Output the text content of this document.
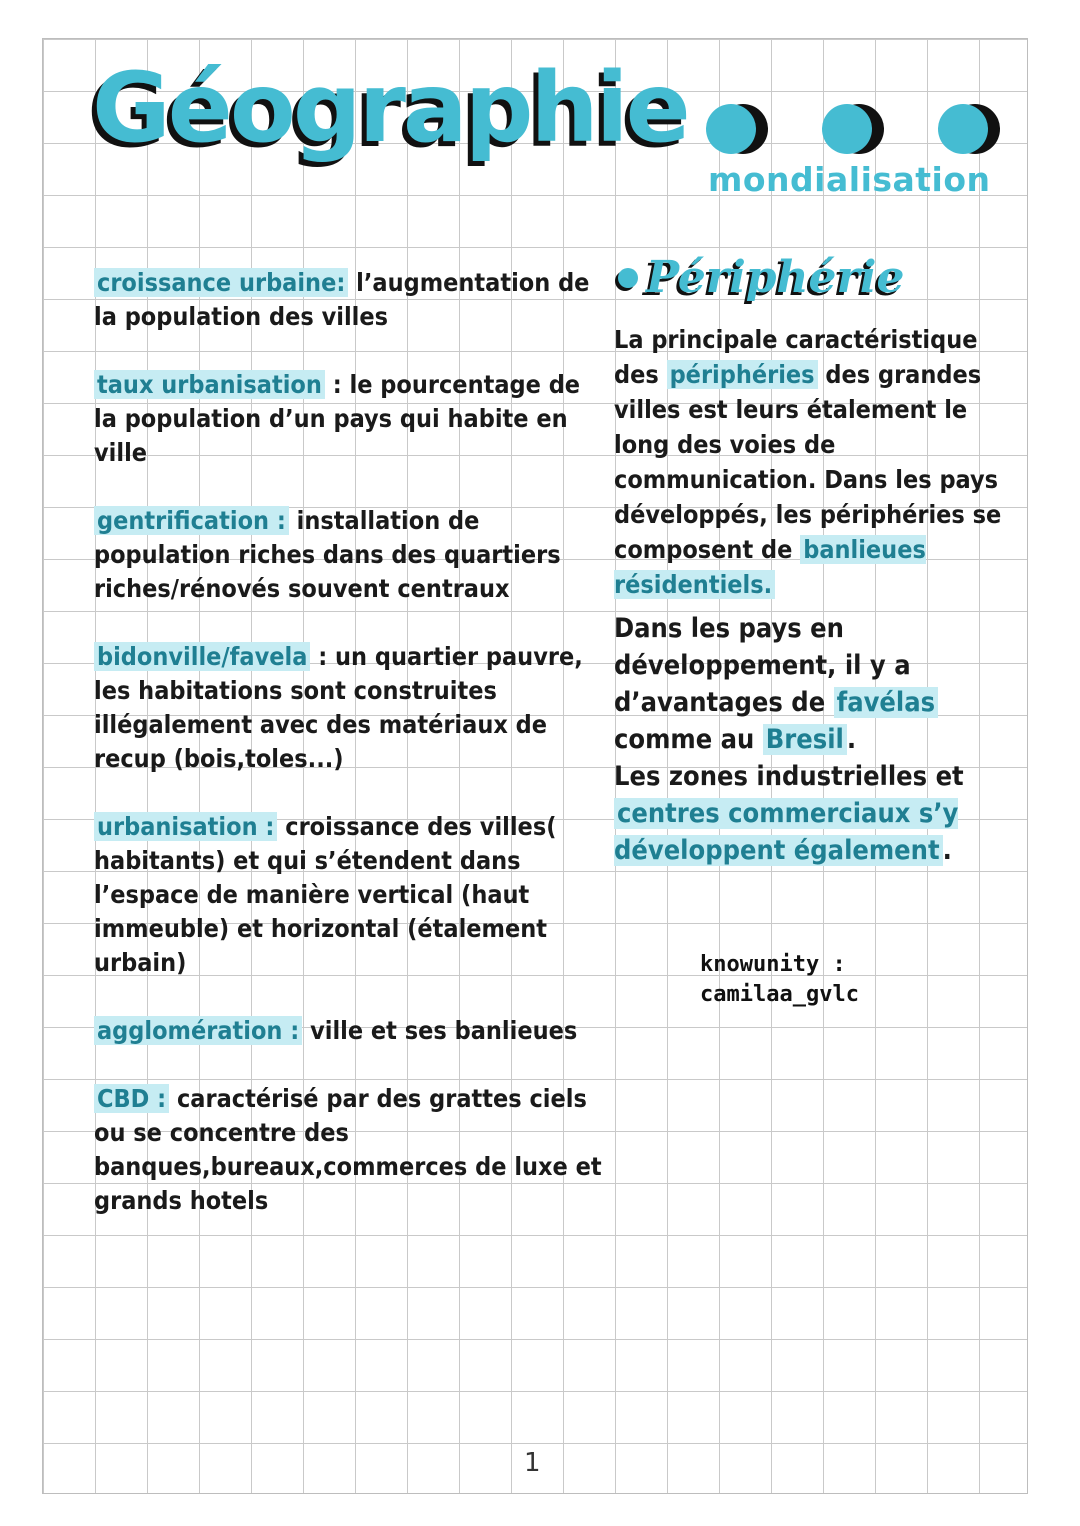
Géographie
mondialisation

croissance urbaine: l’augmentation de la population des villes

taux urbanisation : le pourcentage de la population d’un pays qui habite en ville

gentrification : installation de population riches dans des quartiers riches/rénovés souvent centraux

bidonville/favela : un quartier pauvre, les habitations sont construites illégalement avec des matériaux de recup (bois,toles...)

urbanisation : croissance des villes( habitants) et qui s’étendent dans l’espace de manière vertical (haut immeuble) et horizontal (étalement urbain)

agglomération : ville et ses banlieues

CBD : caractérisé par des grattes ciels ou se concentre des banques,bureaux,commerces de luxe et grands hotels

Périphérie

La principale caractéristique des périphéries des grandes villes est leurs étalement le long des voies de communication. Dans les pays développés, les périphéries se composent de banlieues résidentiels.

Dans les pays en développement, il y a d’avantages de favélas comme au Bresil .

Les zones industrielles et centres commerciaux s’y développent également .

knowunity :
camilaa_gvlc
1
